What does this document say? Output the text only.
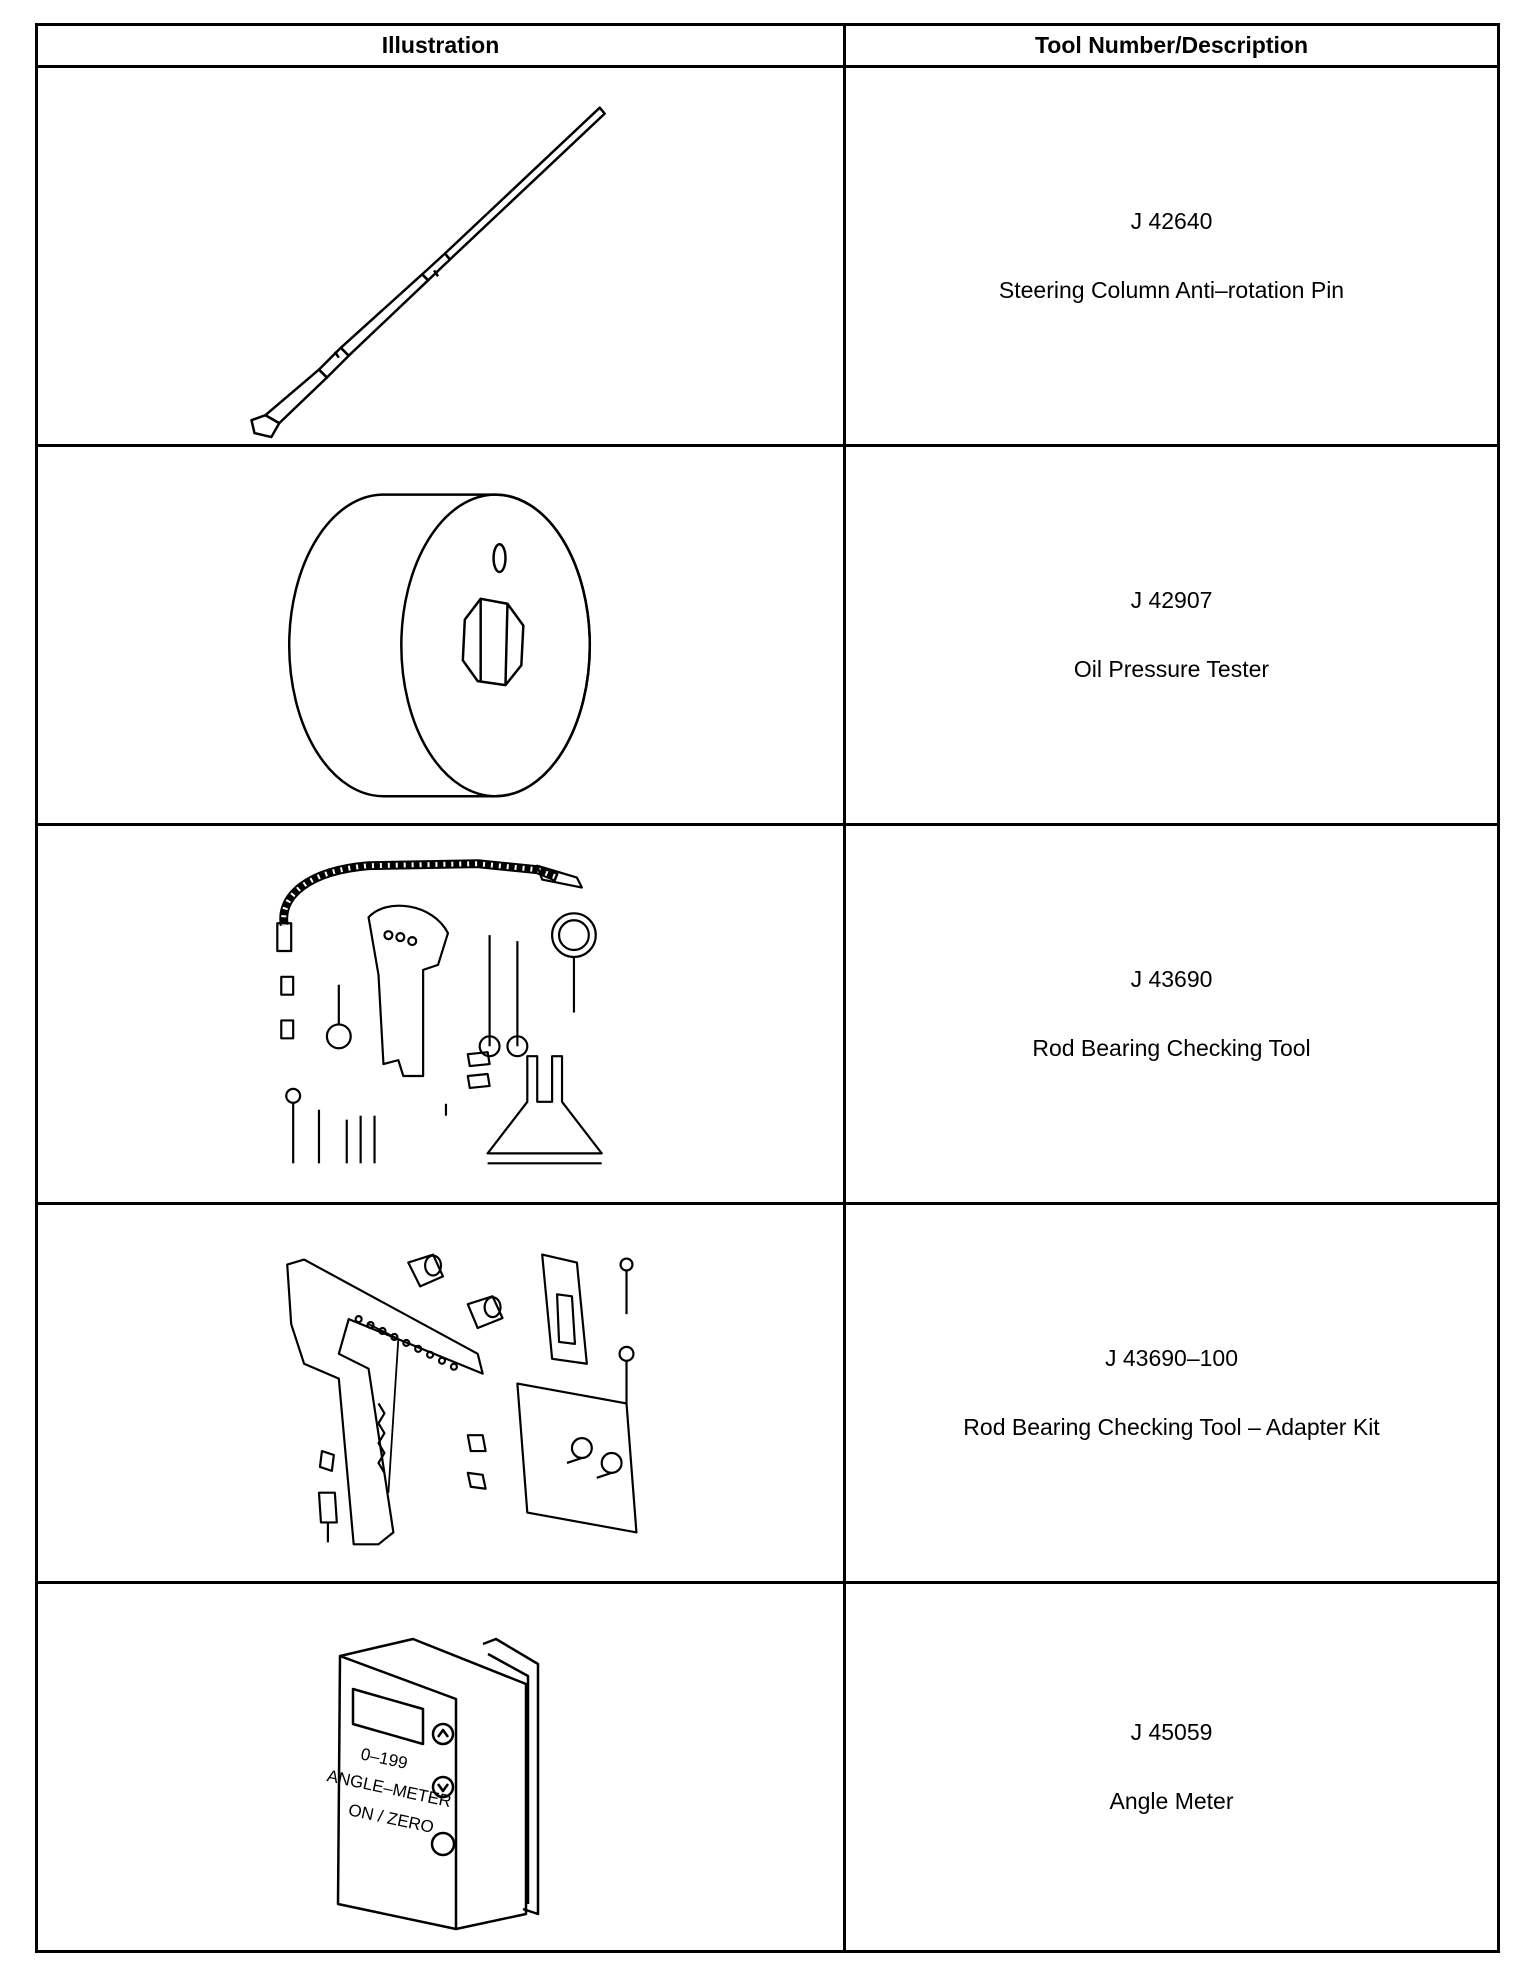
Illustration	Tool Number/Description
J 42640
Steering Column Anti–rotation Pin
J 42907
Oil Pressure Tester
J 43690
Rod Bearing Checking Tool
J 43690–100
Rod Bearing Checking Tool – Adapter Kit
0–199
ANGLE–METER
ON / ZERO
J 45059
Angle Meter
